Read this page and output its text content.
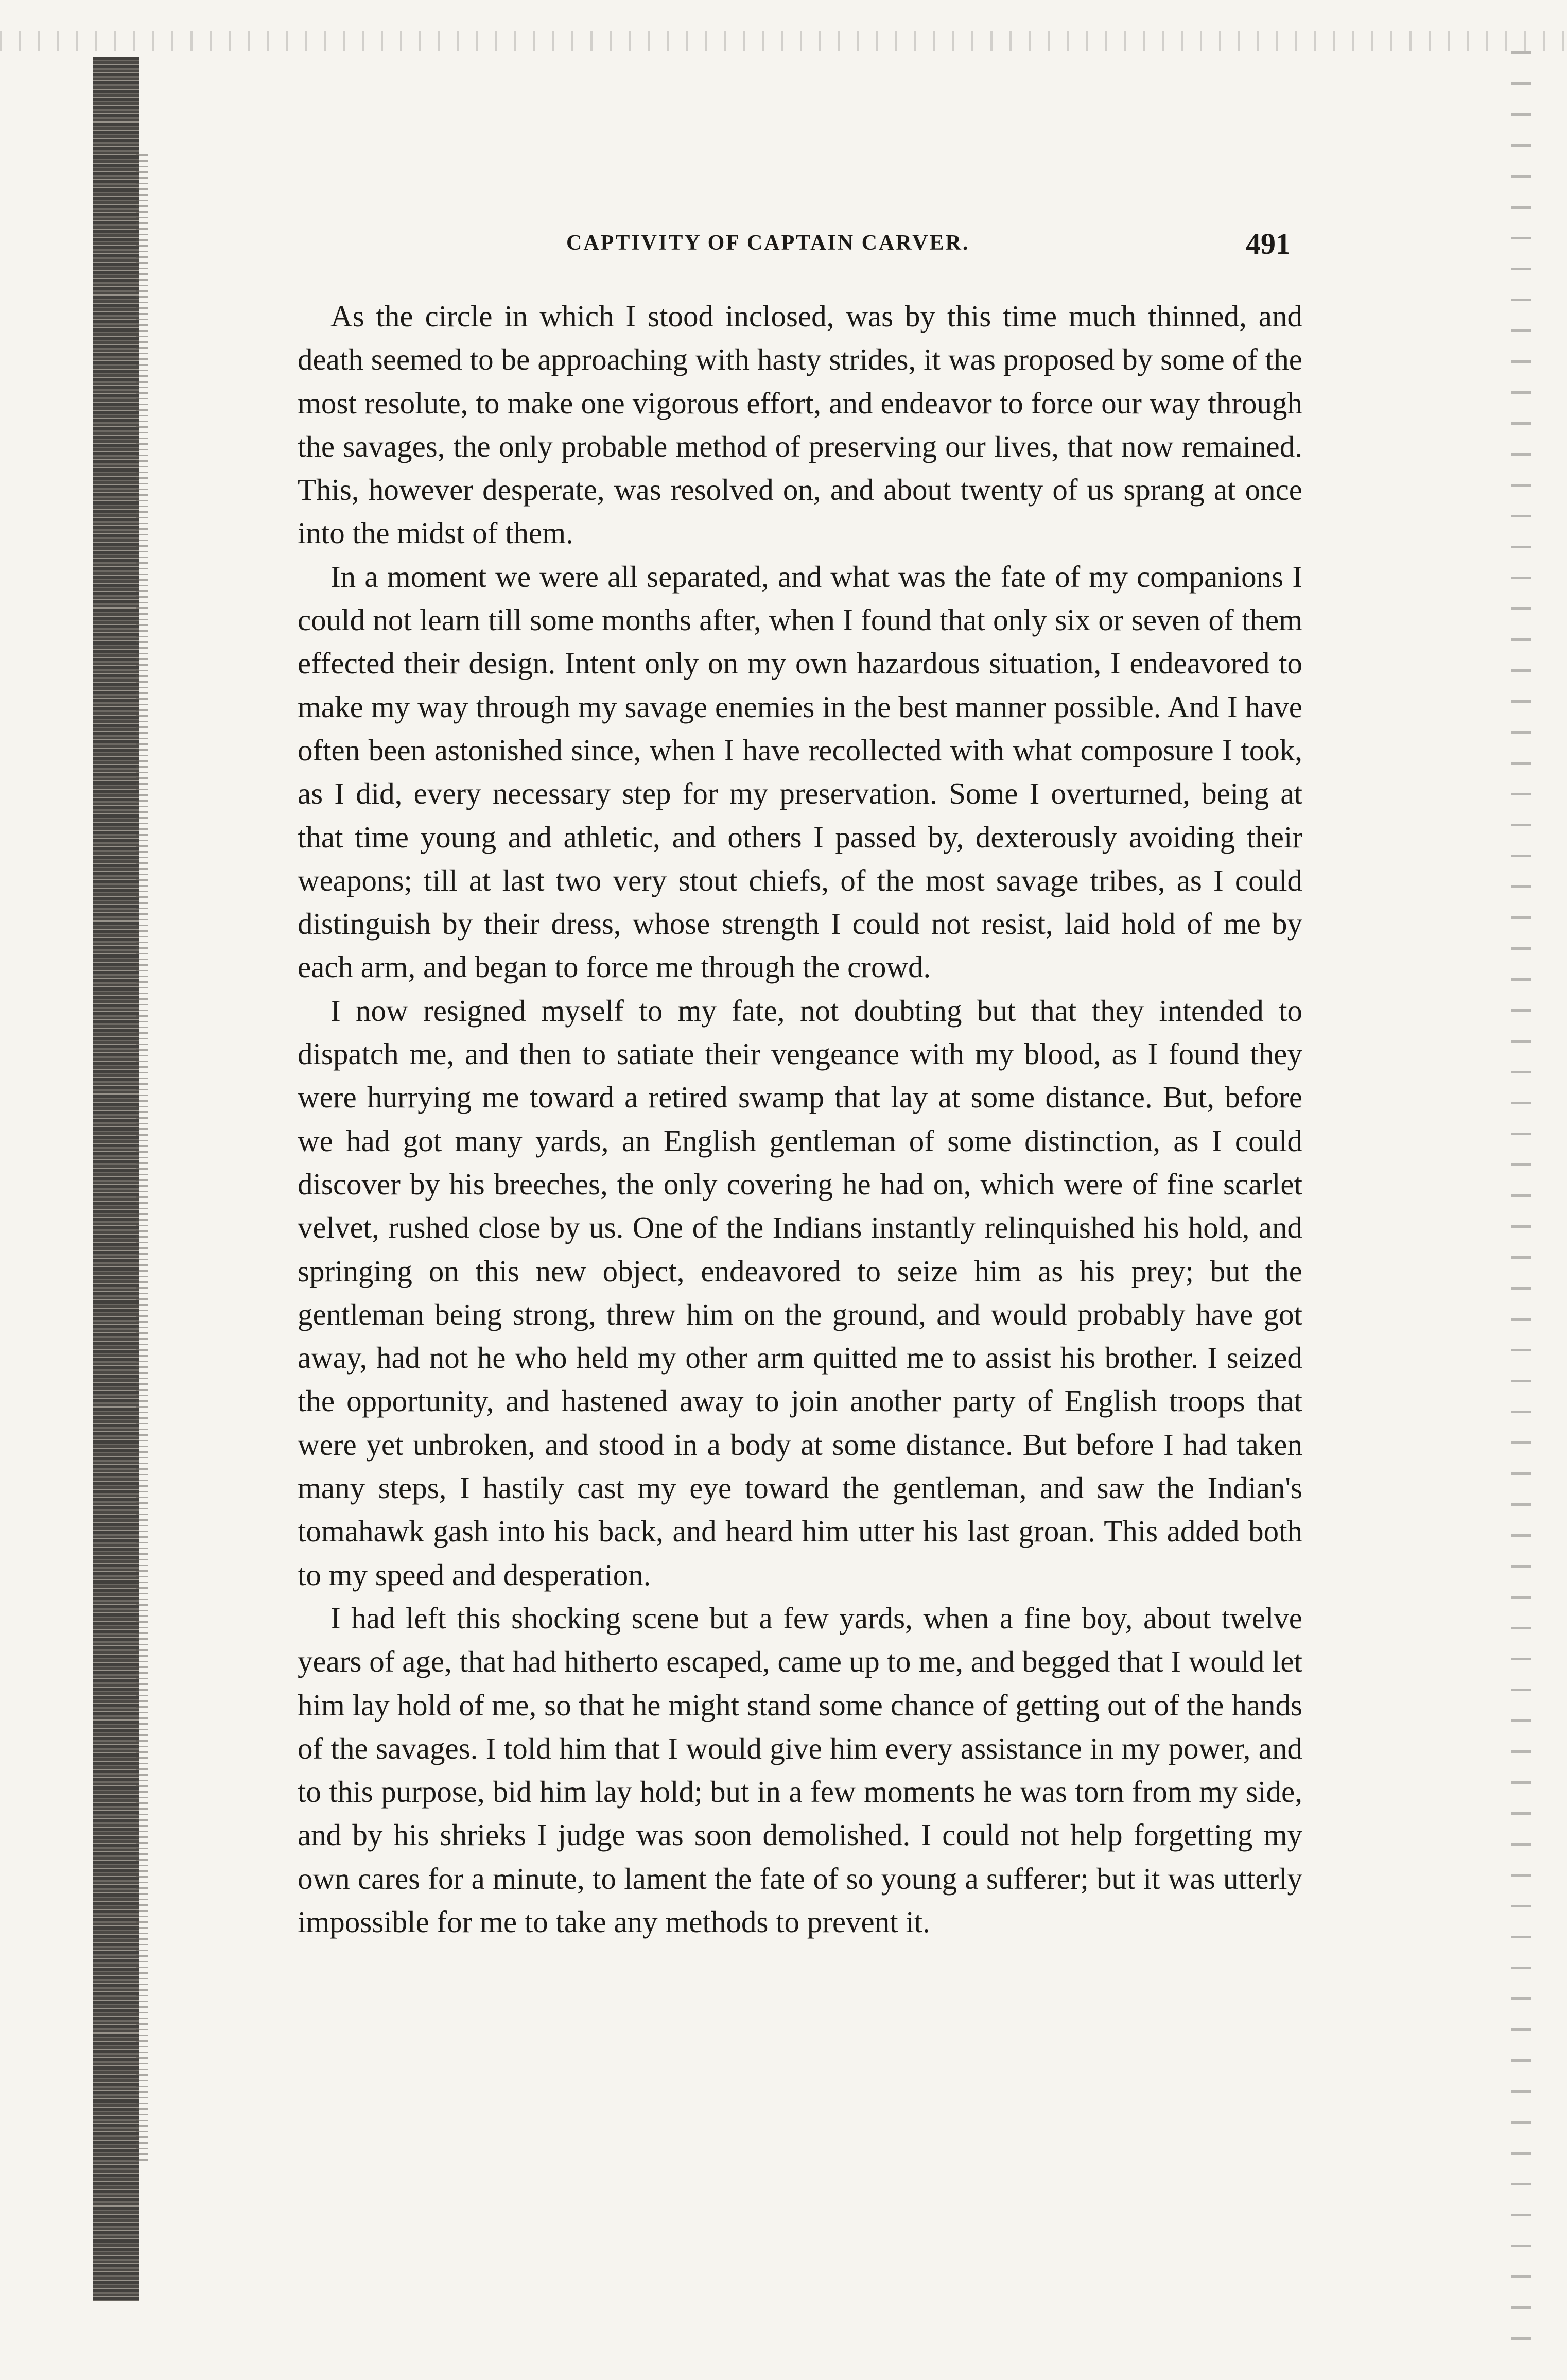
CAPTIVITY OF CAPTAIN CARVER.	491

As the circle in which I stood inclosed, was by this time much thinned, and death seemed to be approaching with hasty strides, it was proposed by some of the most resolute, to make one vigorous effort, and endeavor to force our way through the savages, the only probable method of preserving our lives, that now remained. This, however desperate, was resolved on, and about twenty of us sprang at once into the midst of them.

In a moment we were all separated, and what was the fate of my companions I could not learn till some months after, when I found that only six or seven of them effected their design. Intent only on my own hazardous situation, I endeavored to make my way through my savage enemies in the best manner possible. And I have often been astonished since, when I have recollected with what composure I took, as I did, every necessary step for my preservation. Some I overturned, being at that time young and athletic, and others I passed by, dexterously avoiding their weapons; till at last two very stout chiefs, of the most savage tribes, as I could distinguish by their dress, whose strength I could not resist, laid hold of me by each arm, and began to force me through the crowd.

I now resigned myself to my fate, not doubting but that they intended to dispatch me, and then to satiate their vengeance with my blood, as I found they were hurrying me toward a retired swamp that lay at some distance. But, before we had got many yards, an English gentleman of some distinction, as I could discover by his breeches, the only covering he had on, which were of fine scarlet velvet, rushed close by us. One of the Indians instantly relinquished his hold, and springing on this new object, endeavored to seize him as his prey; but the gentleman being strong, threw him on the ground, and would probably have got away, had not he who held my other arm quitted me to assist his brother. I seized the opportunity, and hastened away to join another party of English troops that were yet unbroken, and stood in a body at some distance. But before I had taken many steps, I hastily cast my eye toward the gentleman, and saw the Indian's tomahawk gash into his back, and heard him utter his last groan. This added both to my speed and desperation.

I had left this shocking scene but a few yards, when a fine boy, about twelve years of age, that had hitherto escaped, came up to me, and begged that I would let him lay hold of me, so that he might stand some chance of getting out of the hands of the savages. I told him that I would give him every assistance in my power, and to this purpose, bid him lay hold; but in a few moments he was torn from my side, and by his shrieks I judge was soon demolished. I could not help forgetting my own cares for a minute, to lament the fate of so young a sufferer; but it was utterly impossible for me to take any methods to prevent it.
